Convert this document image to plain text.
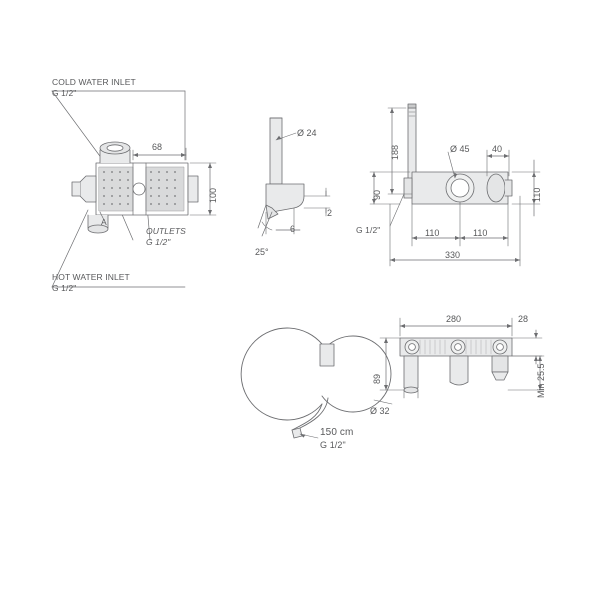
COLD WATER INLET
G 1/2"
HOT WATER INLET
G 1/2"
OUTLETS
G 1/2"
A
68
100
Ø 24
2
6
25°
188
90
Ø 45 40
110	110
330
110
G 1/2"
Ø 32
150 cm
G 1/2"
280	28
89	Min 25.5
